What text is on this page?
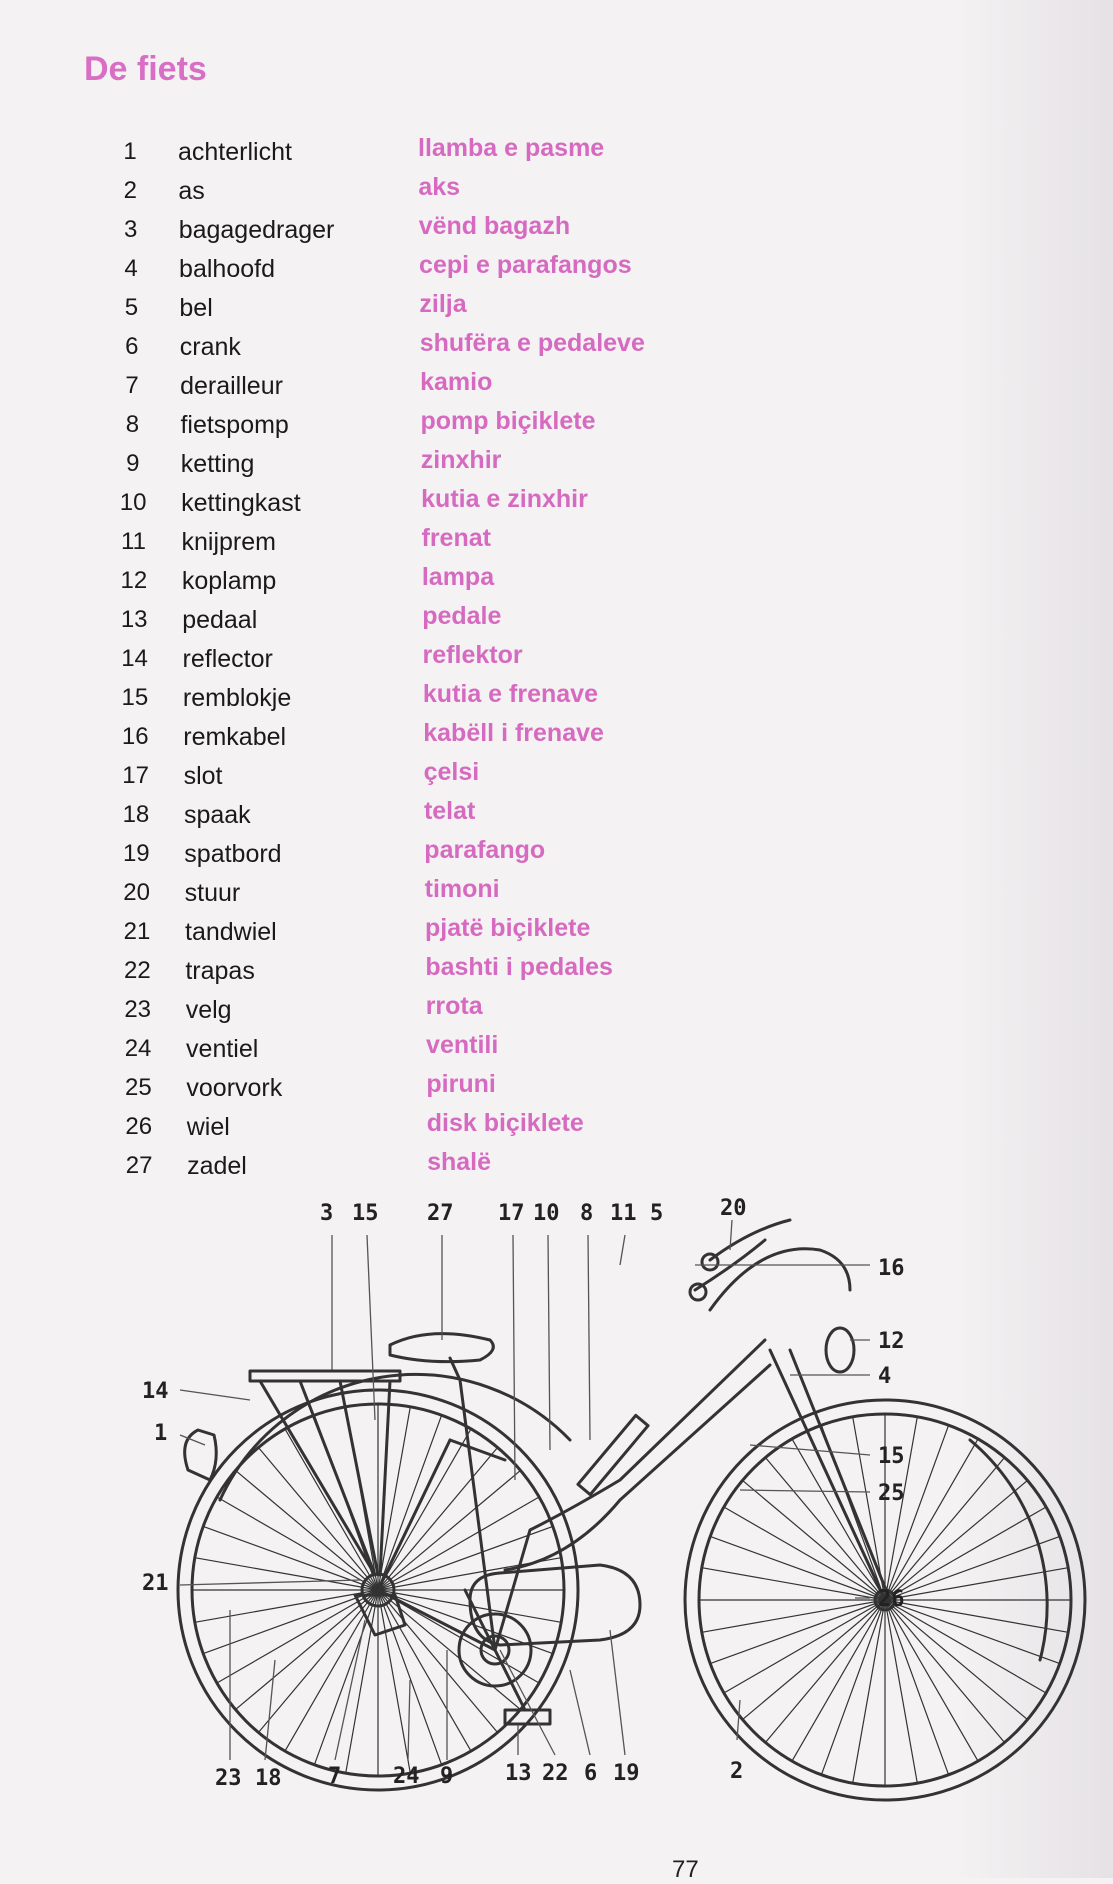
De fiets
1	achterlicht	llamba e pasme
2	as	aks
3	bagagedrager	vënd bagazh
4	balhoofd	cepi e parafangos
5	bel	zilja
6	crank	shufëra e pedaleve
7	derailleur	kamio
8	fietspomp	pomp biçiklete
9	ketting	zinxhir
10 kettingkast	kutia e zinxhir
11	knijprem	frenat
12 koplamp	lampa
13 pedaal	pedale
14 reflector	reflektor
15 remblokje	kutia e frenave
16 remkabel	kabëll i frenave
17 slot	çelsi
18 spaak	telat
19 spatbord	parafango
20 stuur	timoni
21 tandwiel	pjatë biçiklete
22 trapas	bashti i pedales
23 velg	rrota
24 ventiel	ventili
25 voorvork	piruni
26 wiel	disk biçiklete
27 zadel	shalë
3 15 27 17 10 8 11 5	20
16
12
4
15
25
26
14
1
21
23 18 7 24 9 13 22 6 19	2
77
